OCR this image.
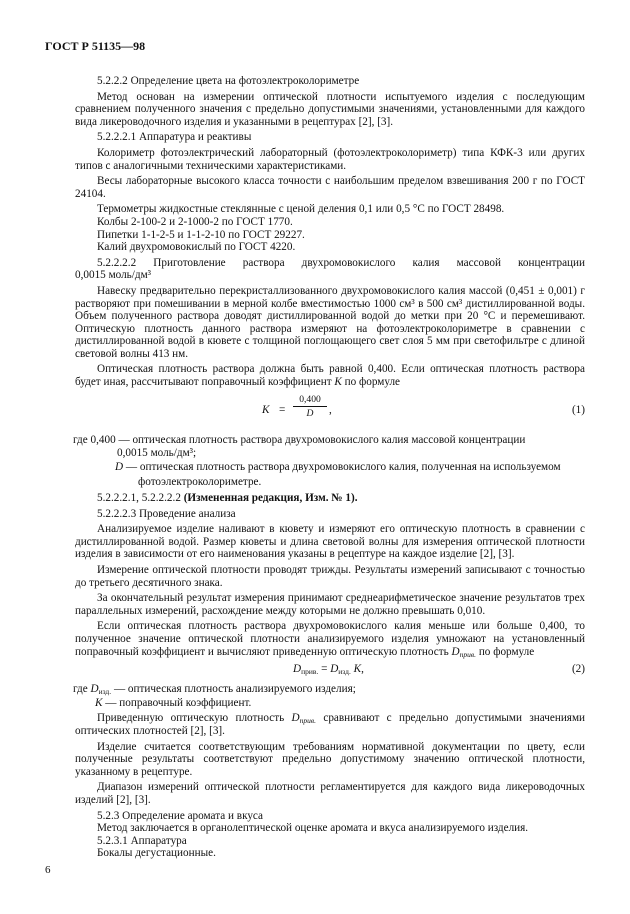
ГОСТ Р 51135—98
5.2.2.2 Определение цвета на фотоэлектроколориметре
Метод основан на измерении оптической плотности испытуемого изделия с последующим сравнением полученного значения с предельно допустимыми значениями, установленными для каждого вида ликероводочного изделия и указанными в рецептурах [2], [3].
5.2.2.2.1 Аппаратура и реактивы
Колориметр фотоэлектрический лабораторный (фотоэлектроколориметр) типа КФК-3 или других типов с аналогичными техническими характеристиками.
Весы лабораторные высокого класса точности с наибольшим пределом взвешивания 200 г по ГОСТ 24104.
Термометры жидкостные стеклянные с ценой деления 0,1 или 0,5 °С по ГОСТ 28498.
Колбы 2-100-2 и 2-1000-2 по ГОСТ 1770.
Пипетки 1-1-2-5 и 1-1-2-10 по ГОСТ 29227.
Калий двухромовокислый по ГОСТ 4220.
5.2.2.2.2 Приготовление раствора двухромовокислого калия массовой концентрации
0,0015 моль/дм³
Навеску предварительно перекристаллизованного двухромовокислого калия массой (0,451 ± 0,001) г растворяют при помешивании в мерной колбе вместимостью 1000 см³ в 500 см³ дистиллированной воды. Объем полученного раствора доводят дистиллированной водой до метки при 20 °С и перемешивают. Оптическую плотность данного раствора измеряют на фотоэлектроколориметре в сравнении с дистиллированной водой в кювете с толщиной поглощающего свет слоя 5 мм при светофильтре с длиной световой волны 413 нм.
Оптическая плотность раствора должна быть равной 0,400. Если оптическая плотность раствора будет иная, рассчитывают поправочный коэффициент K по формуле
$K = \frac{0,400}{D}$ ,	(1)
где 0,400 — оптическая плотность раствора двухромовокислого калия массовой концентрации
0,0015 моль/дм³;
D — оптическая плотность раствора двухромовокислого калия, полученная на используемом
фотоэлектроколориметре.
5.2.2.2.1, 5.2.2.2.2 (Измененная редакция, Изм. № 1).
5.2.2.2.3 Проведение анализа
Анализируемое изделие наливают в кювету и измеряют его оптическую плотность в сравнении с дистиллированной водой. Размер кюветы и длина световой волны для измерения оптической плотности изделия в зависимости от его наименования указаны в рецептуре на каждое изделие [2], [3].
Измерение оптической плотности проводят трижды. Результаты измерений записывают с точностью до третьего десятичного знака.
За окончательный результат измерения принимают среднеарифметическое значение результатов трех параллельных измерений, расхождение между которыми не должно превышать 0,010.
Если оптическая плотность раствора двухромовокислого калия меньше или больше 0,400, то полученное значение оптической плотности анализируемого изделия умножают на установленный поправочный коэффициент и вычисляют приведенную оптическую плотность $D_{прив.}$ по формуле
$D_{прив.} = D_{изд.}$ K,	(2)
где $D_{изд.}$ — оптическая плотность анализируемого изделия;
K — поправочный коэффициент.
Приведенную оптическую плотность $D_{прив.}$ сравнивают с предельно допустимыми значениями оптических плотностей [2], [3].
Изделие считается соответствующим требованиям нормативной документации по цвету, если полученные результаты соответствуют предельно допустимому значению оптической плотности, указанному в рецептуре.
Диапазон измерений оптической плотности регламентируется для каждого вида ликероводочных изделий [2], [3].
5.2.3 Определение аромата и вкуса
Метод заключается в органолептической оценке аромата и вкуса анализируемого изделия.
5.2.3.1 Аппаратура
Бокалы дегустационные.
6
